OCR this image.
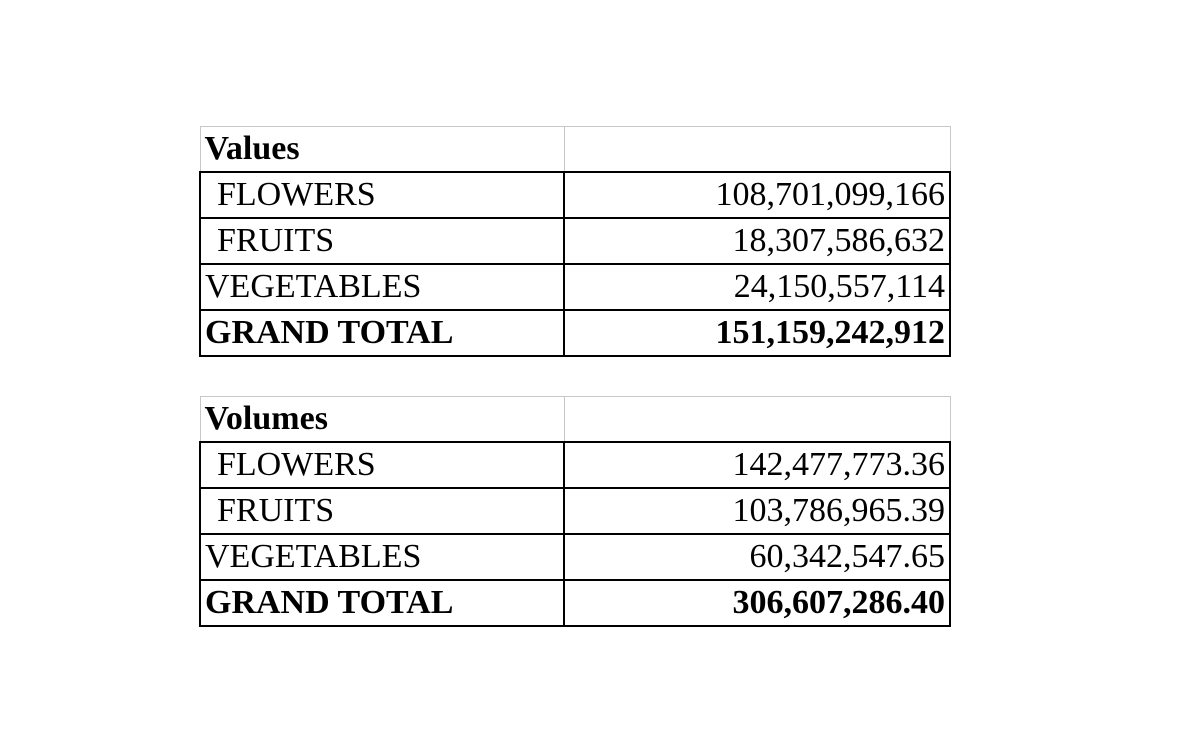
Values	
FLOWERS	108,701,099,166
FRUITS	18,307,586,632
VEGETABLES	24,150,557,114
GRAND TOTAL	151,159,242,912
Volumes	
FLOWERS	142,477,773.36
FRUITS	103,786,965.39
VEGETABLES	60,342,547.65
GRAND TOTAL	306,607,286.40
